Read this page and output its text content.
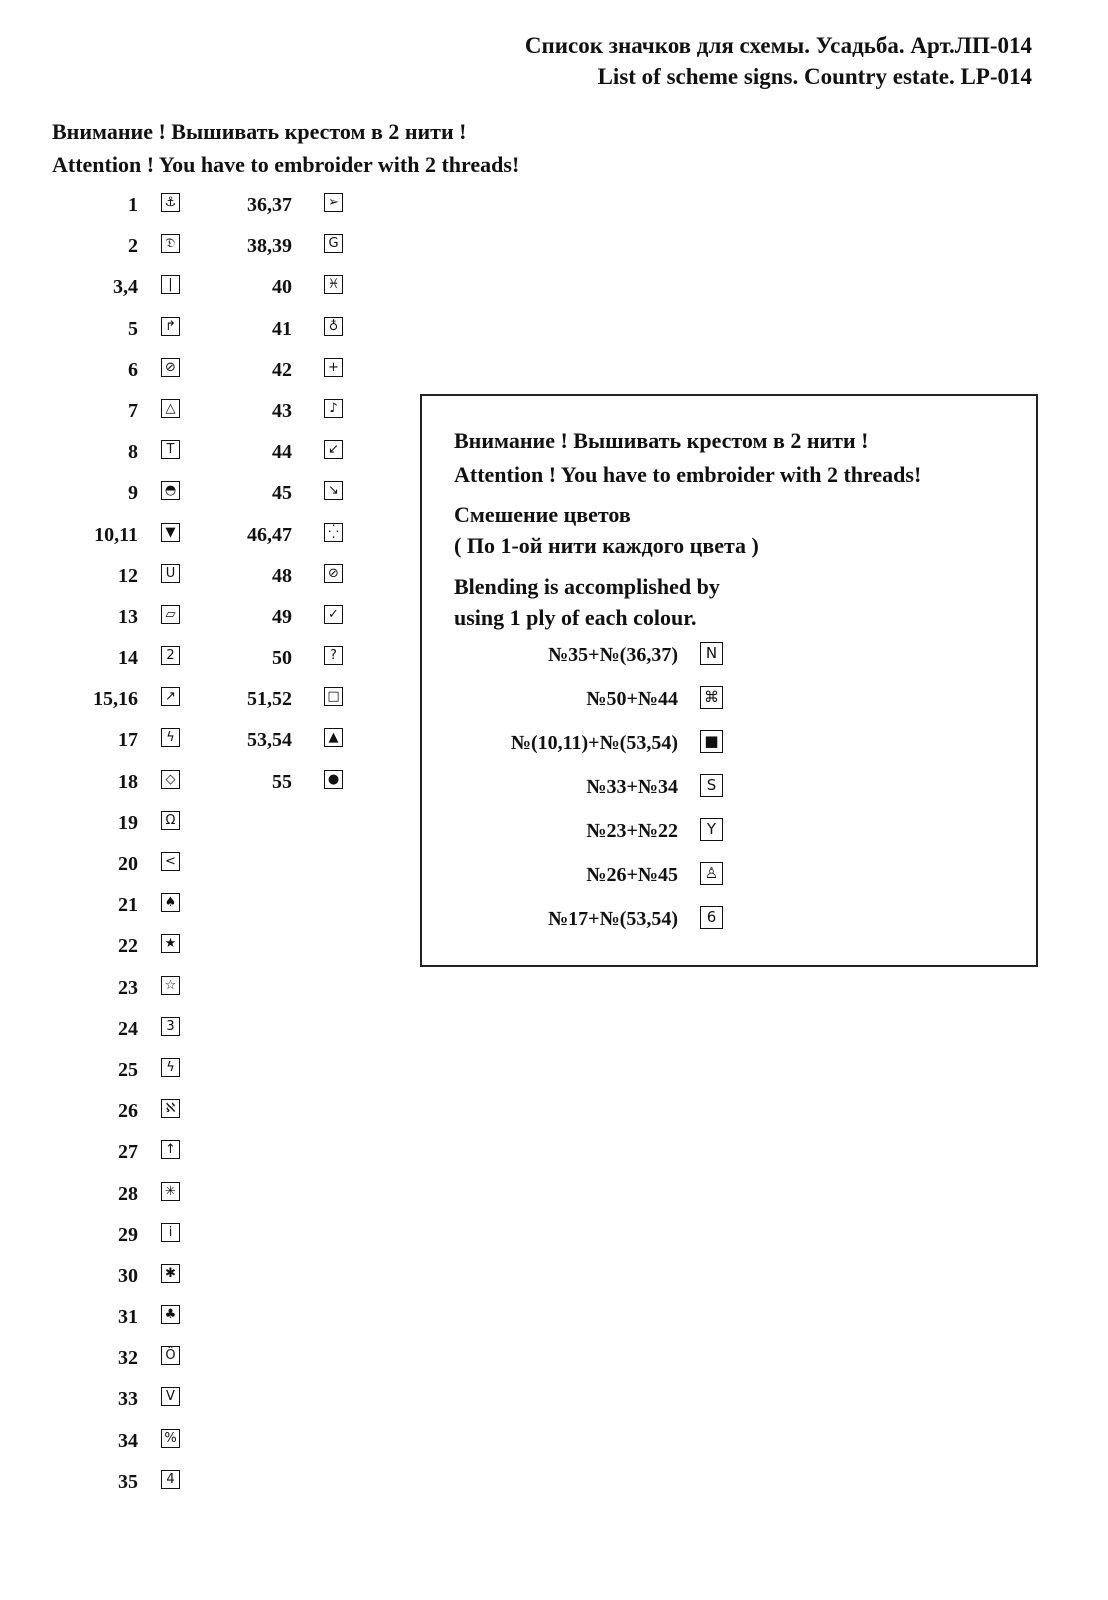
Список значков для схемы. Усадьба. Арт.ЛП-014
List of scheme signs. Country estate. LP-014
Внимание ! Вышивать крестом в 2 нити !
Attention ! You have to embroider with 2 threads!
1 ⚓
2	𝔇
3,4	|
5	↱
6	⊘
7	△
8	T
9 ◓
10,11	▼
12	U
13	▱
14	2
15,16	↗
17	ϟ
18	◇
19	Ω
20	<
21 ♠
22 ★
23 ☆
24	3
25	ϟ
26	ℵ
27	↑
28	✳
29	i
30	✱
31 ♣
32	Ö
33	V
34 %
35	4
36,37	➢
38,39	G
40	♓
41	♁
42	+
43	♪
44	↙
45	↘
46,47	⁛
48	⊘
49	✓
50	?
51,52	□
53,54	▲
55	●
Внимание ! Вышивать крестом в 2 нити !
Attention ! You have to embroider with 2 threads!
Смешение цветов
( По 1-ой нити каждого цвета )
Blending is accomplished by
using 1 ply of each colour.
№35+№(36,37)	N
№50+№44 ⌘
№(10,11)+№(53,54) ■
№33+№34	S
№23+№22	Y
№26+№45	♙
№17+№(53,54)	6
